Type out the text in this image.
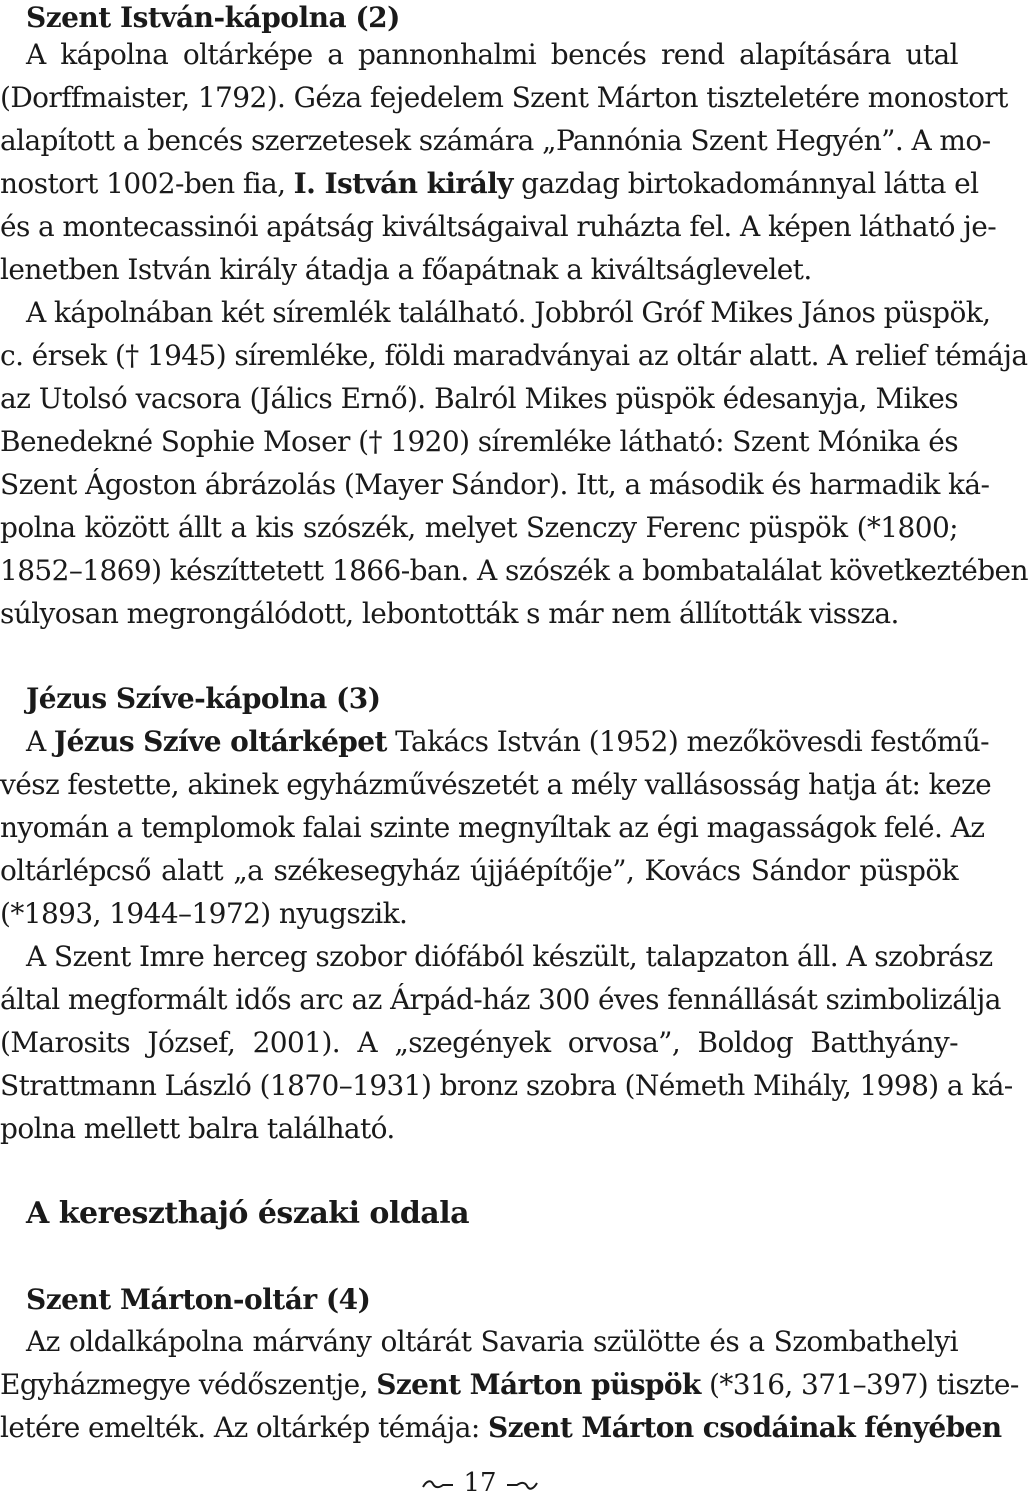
Szent István-kápolna (2)
A kápolna oltárképe a pannonhalmi bencés rend alapítására utal
(Dorffmaister, 1792). Géza fejedelem Szent Márton tiszteletére monostort
alapított a bencés szerzetesek számára „Pannónia Szent Hegyén”. A mo-
nostort 1002-ben fia, I. István király gazdag birtokadománnyal látta el
és a montecassinói apátság kiváltságaival ruházta fel. A képen látható je-
lenetben István király átadja a főapátnak a kiváltságlevelet.
A kápolnában két síremlék található. Jobbról Gróf Mikes János püspök,
c. érsek († 1945) síremléke, földi maradványai az oltár alatt. A relief témája
az Utolsó vacsora (Jálics Ernő). Balról Mikes püspök édesanyja, Mikes
Benedekné Sophie Moser († 1920) síremléke látható: Szent Mónika és
Szent Ágoston ábrázolás (Mayer Sándor). Itt, a második és harmadik ká-
polna között állt a kis szószék, melyet Szenczy Ferenc püspök (*1800;
1852–1869) készíttetett 1866-ban. A szószék a bombatalálat következtében
súlyosan megrongálódott, lebontották s már nem állították vissza.
Jézus Szíve-kápolna (3)
A Jézus Szíve oltárképet Takács István (1952) mezőkövesdi festőmű-
vész festette, akinek egyházművészetét a mély vallásosság hatja át: keze
nyomán a templomok falai szinte megnyíltak az égi magasságok felé. Az
oltárlépcső alatt „a székesegyház újjáépítője”, Kovács Sándor püspök
(*1893, 1944–1972) nyugszik.
A Szent Imre herceg szobor diófából készült, talapzaton áll. A szobrász
által megformált idős arc az Árpád-ház 300 éves fennállását szimbolizálja
(Marosits József, 2001). A „szegények orvosa”, Boldog Batthyány-
Strattmann László (1870–1931) bronz szobra (Németh Mihály, 1998) a ká-
polna mellett balra található.
A kereszthajó északi oldala
Szent Márton-oltár (4)
Az oldalkápolna márvány oltárát Savaria szülötte és a Szombathelyi
Egyházmegye védőszentje, Szent Márton püspök (*316, 371–397) tiszte-
letére emelték. Az oltárkép témája: Szent Márton csodáinak fényében
17
